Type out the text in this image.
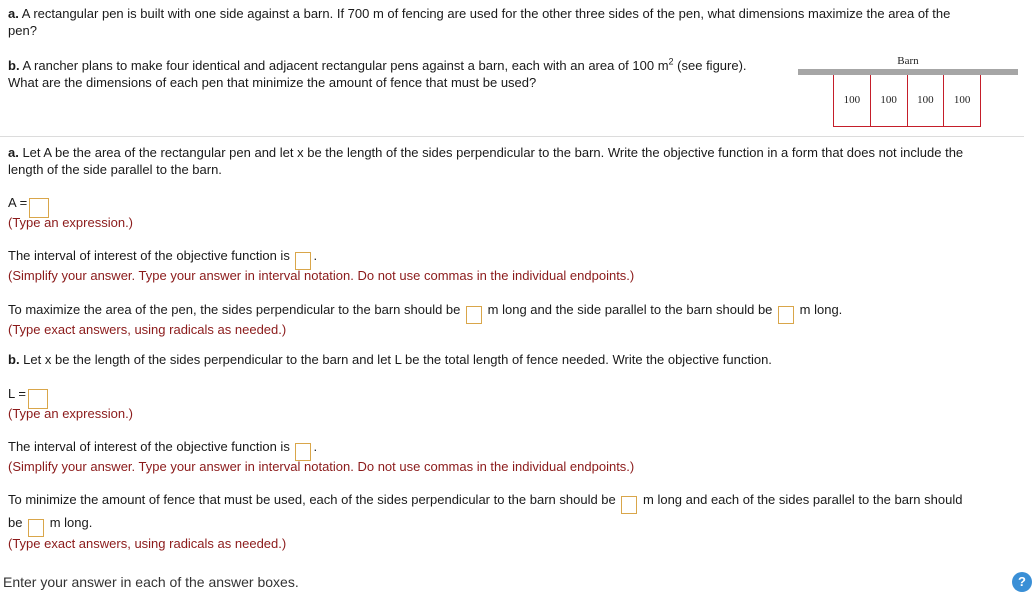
a. A rectangular pen is built with one side against a barn. If 700 m of fencing are used for the other three sides of the pen, what dimensions maximize the area of the
pen?
b. A rancher plans to make four identical and adjacent rectangular pens against a barn, each with an area of 100 $m^2$ (see figure).
What are the dimensions of each pen that minimize the amount of fence that must be used?
Barn
100	100	100	100
a. Let A be the area of the rectangular pen and let x be the length of the sides perpendicular to the barn. Write the objective function in a form that does not include the
length of the side parallel to the barn.
A =
(Type an expression.)
The interval of interest of the objective function is .
(Simplify your answer. Type your answer in interval notation. Do not use commas in the individual endpoints.)
To maximize the area of the pen, the sides perpendicular to the barn should be m long and the side parallel to the barn should be m long.
(Type exact answers, using radicals as needed.)
b. Let x be the length of the sides perpendicular to the barn and let L be the total length of fence needed. Write the objective function.
L =
(Type an expression.)
The interval of interest of the objective function is .
(Simplify your answer. Type your answer in interval notation. Do not use commas in the individual endpoints.)
To minimize the amount of fence that must be used, each of the sides perpendicular to the barn should be m long and each of the sides parallel to the barn should
be m long.
(Type exact answers, using radicals as needed.)
Enter your answer in each of the answer boxes.	?
